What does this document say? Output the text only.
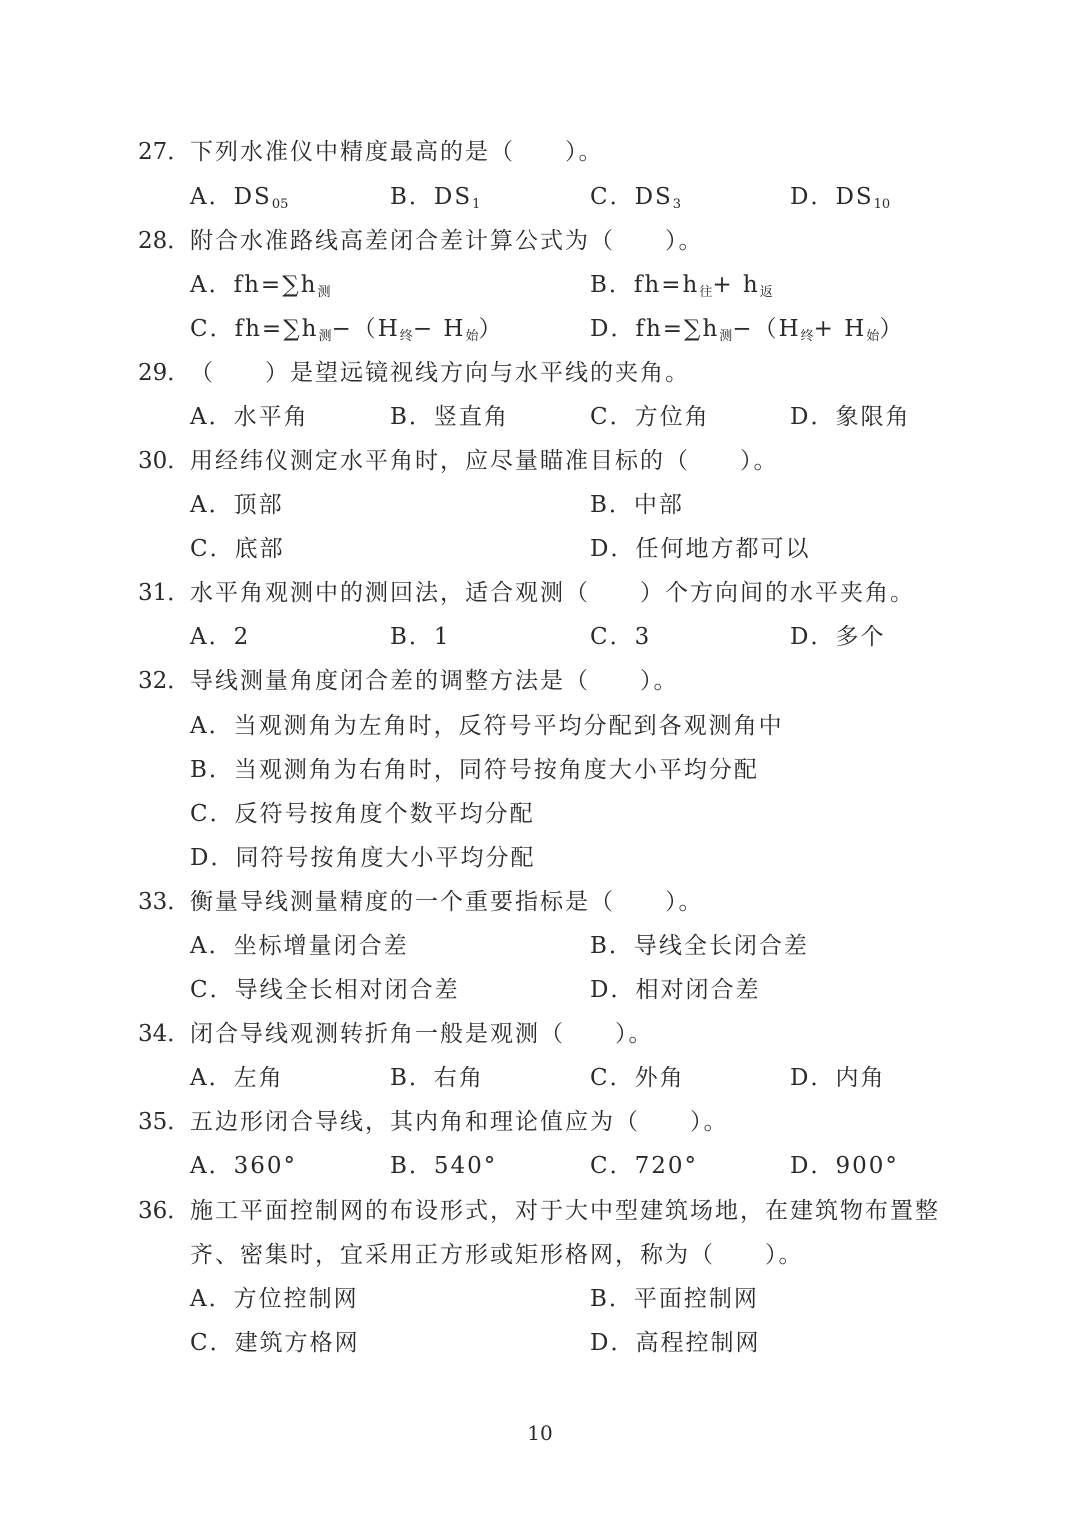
27． 下列水准仪中精度最高的是（　　）。
A．$DS_{05}$	B．$DS_1$	C．$DS_3$	D．$DS_{10}$
28． 附合水准路线高差闭合差计算公式为（　　）。
A．$fh=\sum h_测$	B．$fh=h_往+ h_返$
C．$fh=\sum h_测-(H_终- H_始)$	D．$fh=\sum h_测-(H_终+ H_始)$
29． （　　）是望远镜视线方向与水平线的夹角。
A．水平角	B．竖直角	C．方位角	D．象限角
30． 用经纬仪测定水平角时，应尽量瞄准目标的（　　）。
A．顶部	B．中部
C．底部	D．任何地方都可以
31． 水平角观测中的测回法，适合观测（　　）个方向间的水平夹角。
A．2	B．1	C．3	D．多个
32． 导线测量角度闭合差的调整方法是（　　）。
A．当观测角为左角时，反符号平均分配到各观测角中
B．当观测角为右角时，同符号按角度大小平均分配
C．反符号按角度个数平均分配
D．同符号按角度大小平均分配
33． 衡量导线测量精度的一个重要指标是（　　）。
A．坐标增量闭合差	B．导线全长闭合差
C．导线全长相对闭合差	D．相对闭合差
34． 闭合导线观测转折角一般是观测（　　）。
A．左角	B．右角	C．外角	D．内角
35． 五边形闭合导线，其内角和理论值应为（　　）。
A．360°	B．540°	C．720°	D．900°
36． 施工平面控制网的布设形式，对于大中型建筑场地，在建筑物布置整
齐、密集时，宜采用正方形或矩形格网，称为（　　）。
A．方位控制网	B．平面控制网
C．建筑方格网	D．高程控制网
10
